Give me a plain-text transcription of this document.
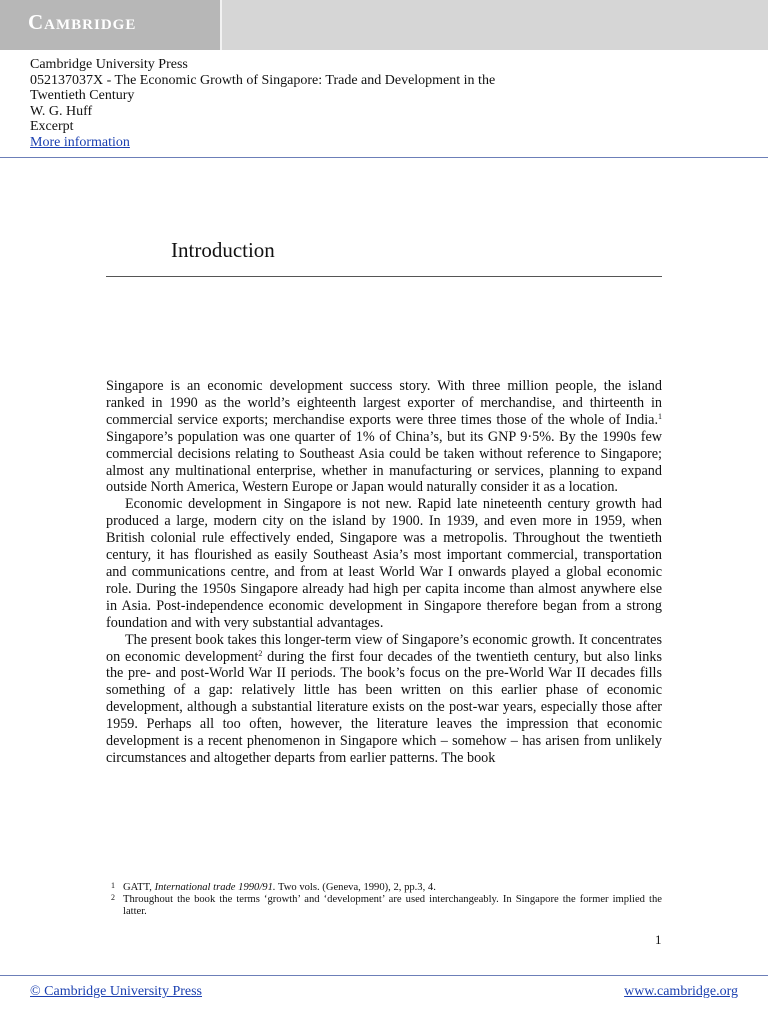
Cambridge
Cambridge University Press
052137037X - The Economic Growth of Singapore: Trade and Development in the
Twentieth Century
W. G. Huff
Excerpt
More information
Introduction

Singapore is an economic development success story. With three million people, the island ranked in 1990 as the world’s eighteenth largest exporter of merchandise, and thirteenth in commercial service exports; merchandise exports were three times those of the whole of India.$^1$ Singapore’s population was one quarter of 1% of China’s, but its GNP 9·5%. By the 1990s few commercial decisions relating to Southeast Asia could be taken without reference to Singapore; almost any multinational enterprise, whether in manufacturing or services, planning to expand outside North America, Western Europe or Japan would naturally consider it as a location.

Economic development in Singapore is not new. Rapid late nineteenth century growth had produced a large, modern city on the island by 1900. In 1939, and even more in 1959, when British colonial rule effectively ended, Singapore was a metropolis. Throughout the twentieth century, it has flourished as easily Southeast Asia’s most important commercial, transportation and communications centre, and from at least World War I onwards played a global economic role. During the 1950s Singapore already had high per capita income than almost anywhere else in Asia. Post-independence economic development in Singapore therefore began from a strong foundation and with very substantial advantages.

The present book takes this longer-term view of Singapore’s economic growth. It concentrates on economic development$^2$ during the first four decades of the twentieth century, but also links the pre- and post-World War II periods. The book’s focus on the pre-World War II decades fills something of a gap: relatively little has been written on this earlier phase of economic development, although a substantial literature exists on the post-war years, especially those after 1959. Perhaps all too often, however, the literature leaves the impression that economic development is a recent phenomenon in Singapore which – somehow – has arisen from unlikely circumstances and altogether departs from earlier patterns. The book

1 GATT, International trade 1990/91. Two vols. (Geneva, 1990), 2, pp.3, 4.
2 Throughout the book the terms ‘growth’ and ‘development’ are used interchangeably. In Singapore the former implied the latter.
1
© Cambridge University Press	www.cambridge.org
